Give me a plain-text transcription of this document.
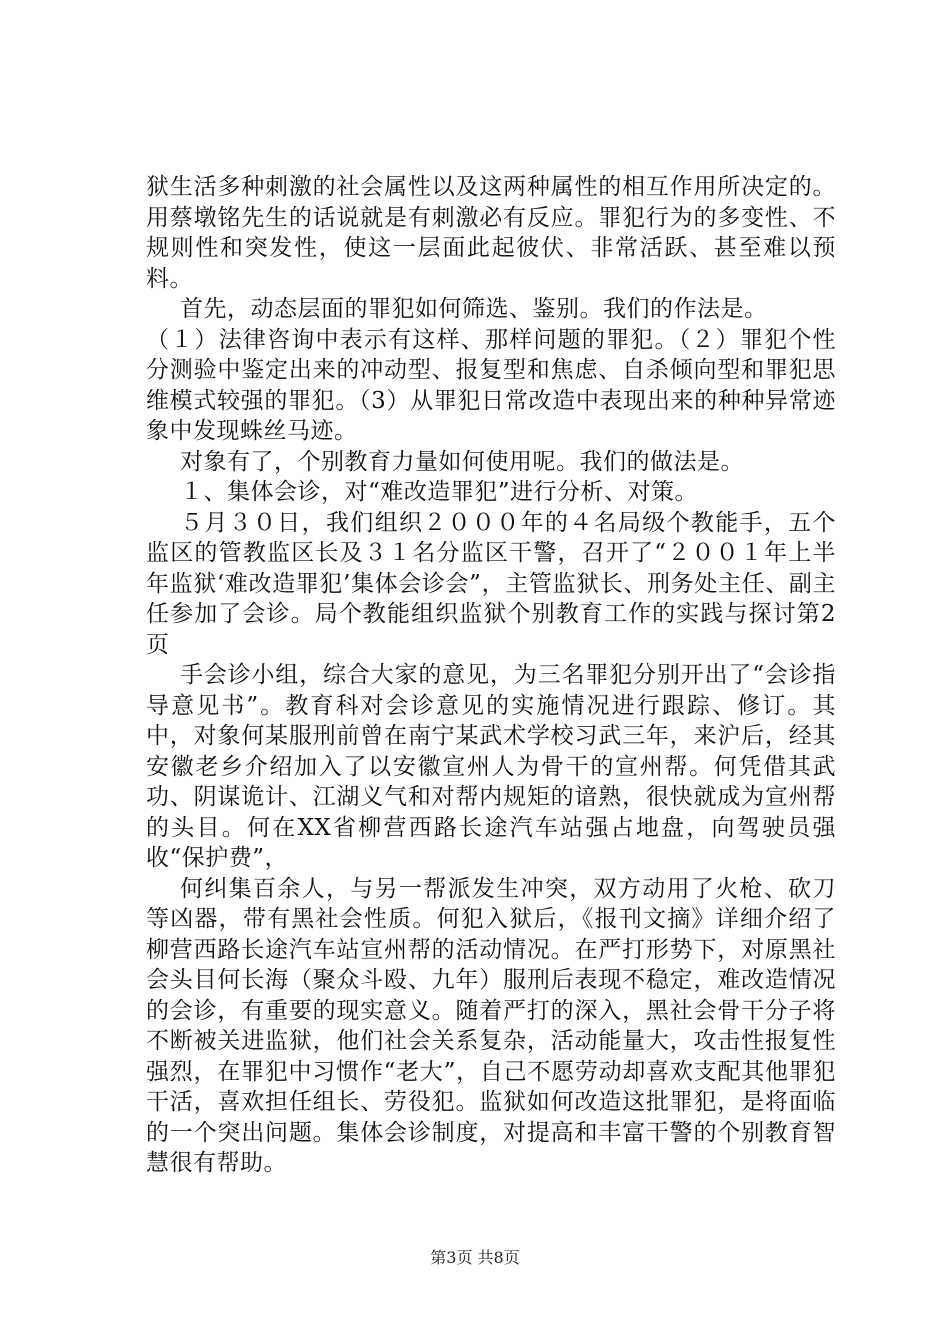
狱生活多种刺激的社会属性以及这两种属性的相互作用所决定的。用蔡墩铭先生的话说就是有刺激必有反应。罪犯行为的多变性、不规则性和突发性，使这一层面此起彼伏、非常活跃、甚至难以预料。

首先，动态层面的罪犯如何筛选、鉴别。我们的作法是。

（１）法律咨询中表示有这样、那样问题的罪犯。（２）罪犯个性分测验中鉴定出来的冲动型、报复型和焦虑、自杀倾向型和罪犯思维模式较强的罪犯。（3）从罪犯日常改造中表现出来的种种异常迹象中发现蛛丝马迹。

对象有了，个别教育力量如何使用呢。我们的做法是。

１、集体会诊，对“难改造罪犯”进行分析、对策。

５月３０日，我们组织２０００年的４名局级个教能手，五个监区的管教监区长及３１名分监区干警，召开了“２００１年上半年监狱‘难改造罪犯’集体会诊会”，主管监狱长、刑务处主任、副主任参加了会诊。局个教能组织监狱个别教育工作的实践与探讨第2页

手会诊小组，综合大家的意见，为三名罪犯分别开出了“会诊指导意见书”。教育科对会诊意见的实施情况进行跟踪、修订。其中，对象何某服刑前曾在南宁某武术学校习武三年，来沪后，经其安徽老乡介绍加入了以安徽宣州人为骨干的宣州帮。何凭借其武功、阴谋诡计、江湖义气和对帮内规矩的谙熟，很快就成为宣州帮的头目。何在XX省柳营西路长途汽车站强占地盘，向驾驶员强收“保护费”，

何纠集百余人，与另一帮派发生冲突，双方动用了火枪、砍刀等凶器，带有黑社会性质。何犯入狱后，《报刊文摘》详细介绍了柳营西路长途汽车站宣州帮的活动情况。在严打形势下，对原黑社会头目何长海（聚众斗殴、九年）服刑后表现不稳定，难改造情况的会诊，有重要的现实意义。随着严打的深入，黑社会骨干分子将不断被关进监狱，他们社会关系复杂，活动能量大，攻击性报复性强烈，在罪犯中习惯作“老大”，自己不愿劳动却喜欢支配其他罪犯干活，喜欢担任组长、劳役犯。监狱如何改造这批罪犯，是将面临的一个突出问题。集体会诊制度，对提高和丰富干警的个别教育智慧很有帮助。

第3页 共8页
